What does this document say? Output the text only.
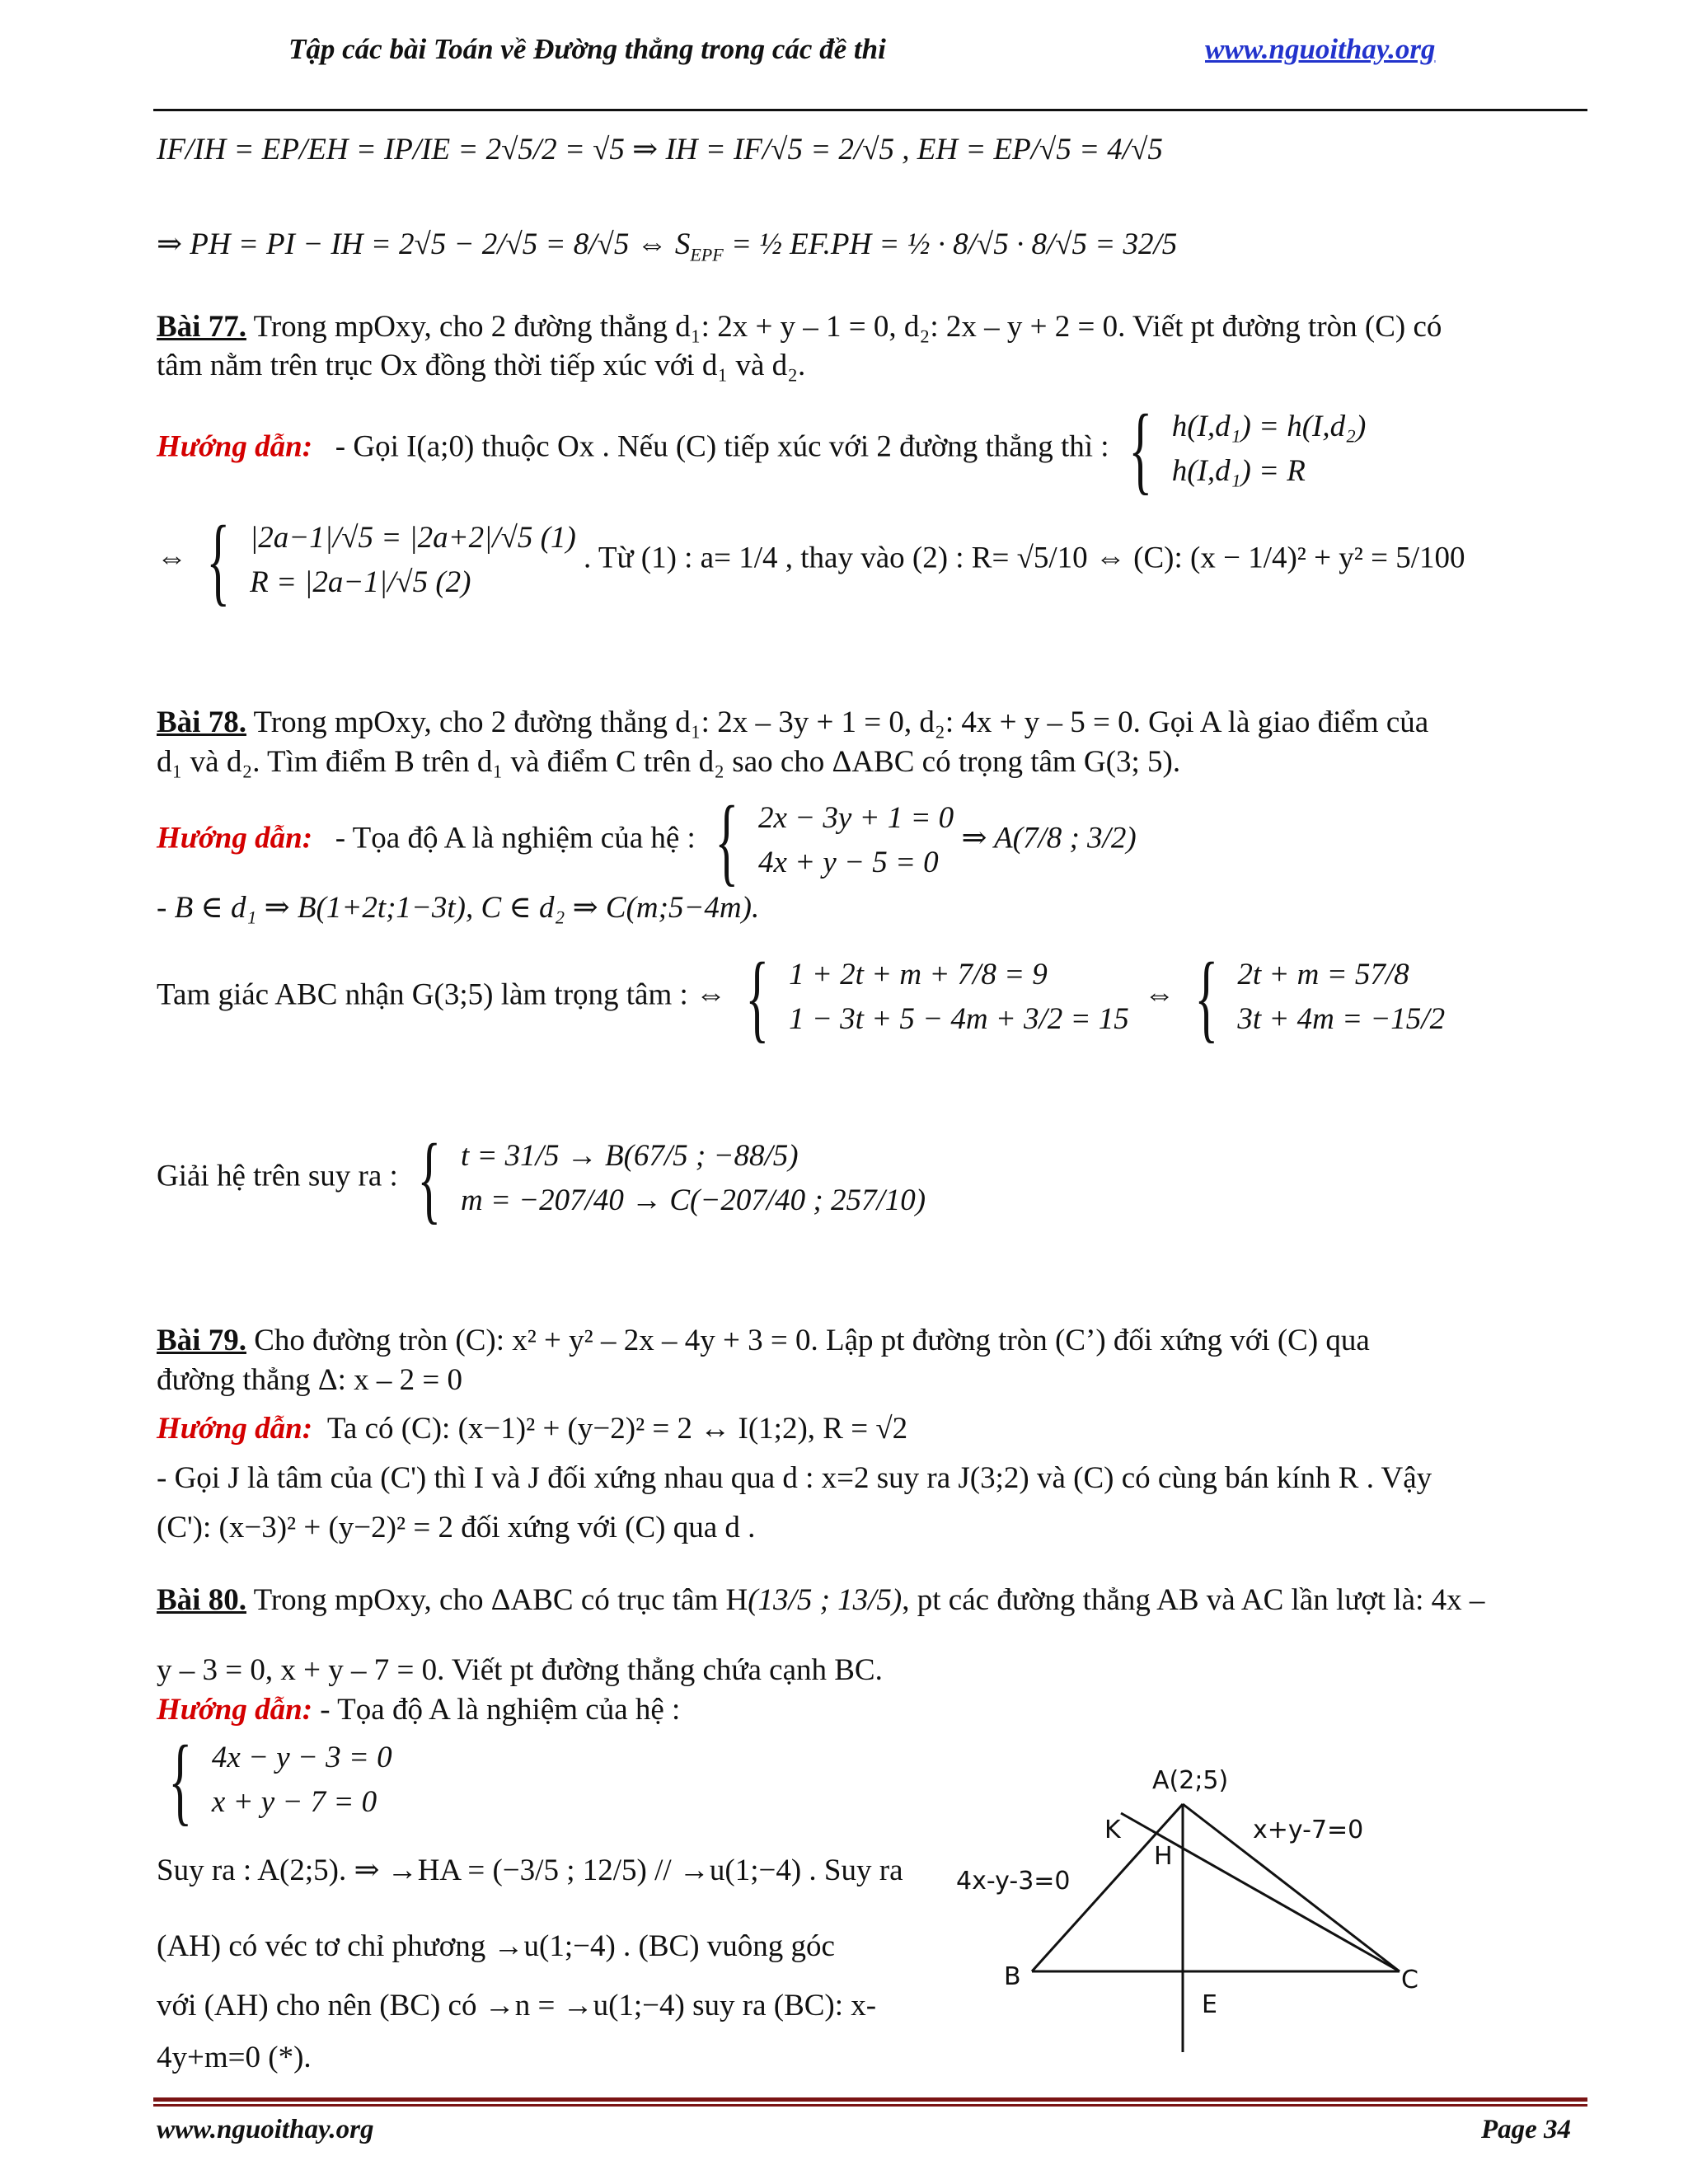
Tập các bài Toán về Đường thẳng trong các đề thi	www.nguoithay.org
IF/IH = EP/EH = IP/IE = 2√5/2 = √5 ⇒ IH = IF/√5 = 2/√5 , EH = EP/√5 = 4/√5
⇒ PH = PI − IH = 2√5 − 2/√5 = 8/√5 ⇔ $S_{EPF}$ = ½ EF.PH = ½ · 8/√5 · 8/√5 = 32/5
Bài 77. Trong mpOxy, cho 2 đường thẳng d₁: 2x + y – 1 = 0, d₂: 2x – y + 2 = 0. Viết pt đường tròn (C) có
tâm nằm trên trục Ox đồng thời tiếp xúc với d₁ và d₂.
Hướng dẫn: - Gọi I(a;0) thuộc Ox . Nếu (C) tiếp xúc với 2 đường thẳng thì : { h(I,d₁) = h(I,d₂)
h(I,d₁) = R
⇔ { |2a−1|/√5 = |2a+2|/√5 (1)
R = |2a−1|/√5 (2)
. Từ (1) : a= 1/4 , thay vào (2) : R= √5/10 ⇔ (C): (x − 1/4)² + y² = 5/100
Bài 78. Trong mpOxy, cho 2 đường thẳng d₁: 2x – 3y + 1 = 0, d₂: 4x + y – 5 = 0. Gọi A là giao điểm của
d₁ và d₂. Tìm điểm B trên d₁ và điểm C trên d₂ sao cho ΔABC có trọng tâm G(3; 5).
Hướng dẫn: - Tọa độ A là nghiệm của hệ : { 2x − 3y + 1 = 0
4x + y − 5 = 0
⇒ A(7/8 ; 3/2)
- B ∈ d₁ ⇒ B(1+2t;1−3t), C ∈ d₂ ⇒ C(m;5−4m).
Tam giác ABC nhận G(3;5) làm trọng tâm : ⇔ { 1 + 2t + m + 7/8 = 9
1 − 3t + 5 − 4m + 3/2 = 15
⇔ { 2t + m = 57/8
3t + 4m = −15/2
Giải hệ trên suy ra : { t = 31/5 → B(67/5 ; −88/5)
m = −207/40 → C(−207/40 ; 257/10)
Bài 79. Cho đường tròn (C): x² + y² – 2x – 4y + 3 = 0. Lập pt đường tròn (C’) đối xứng với (C) qua
đường thẳng Δ: x – 2 = 0
Hướng dẫn:  Ta có (C): (x−1)² + (y−2)² = 2 ↔ I(1;2), R = √2
- Gọi J là tâm của (C') thì I và J đối xứng nhau qua d : x=2 suy ra J(3;2) và (C) có cùng bán kính R . Vậy
(C'): (x−3)² + (y−2)² = 2 đối xứng với (C) qua d .
Bài 80. Trong mpOxy, cho ΔABC có trục tâm H(13/5 ; 13/5), pt các đường thẳng AB và AC lần lượt là: 4x –
y – 3 = 0, x + y – 7 = 0. Viết pt đường thẳng chứa cạnh BC.
Hướng dẫn: - Tọa độ A là nghiệm của hệ :
{ 4x − y − 3 = 0
x + y − 7 = 0
Suy ra : A(2;5). ⇒ →HA = (−3/5 ; 12/5) // →u(1;−4) . Suy ra
(AH) có véc tơ chỉ phương →u(1;−4) . (BC) vuông góc
với (AH) cho nên (BC) có →n = →u(1;−4) suy ra (BC): x-
4y+m=0 (*).
A(2;5)
K
H
B	C
E
x+y-7=0
4x-y-3=0
www.nguoithay.org	Page 34
